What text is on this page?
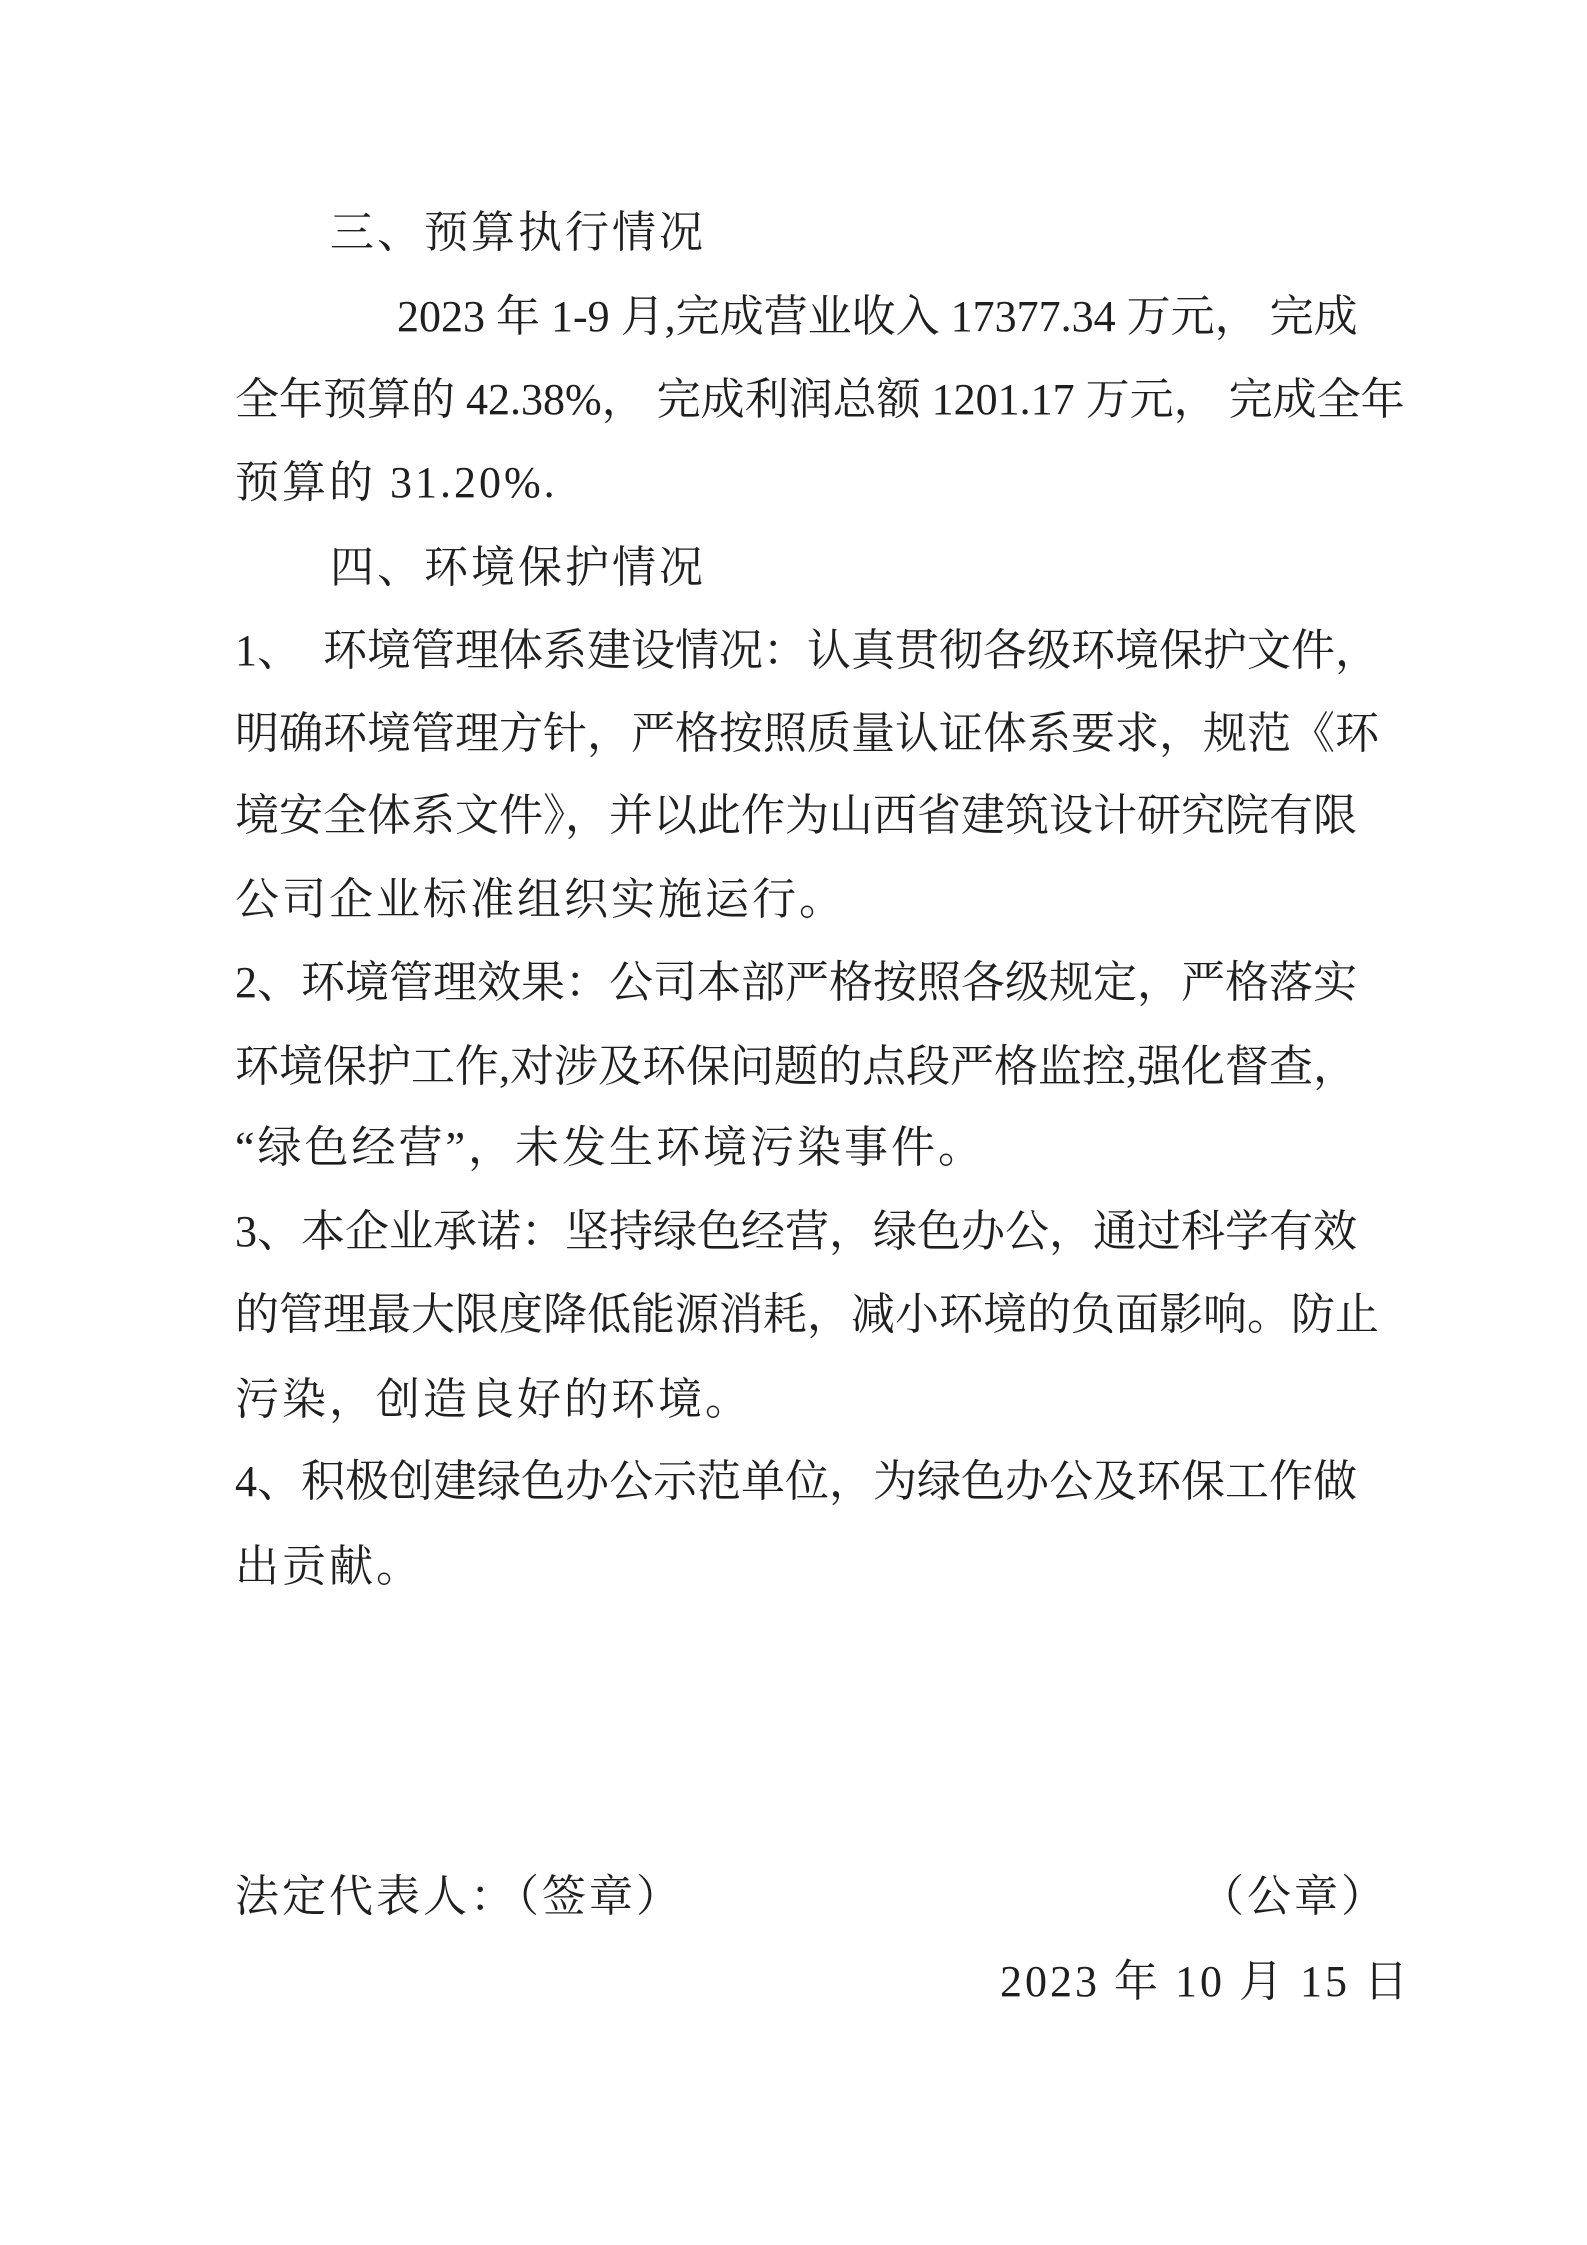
三、预算执行情况
2023 年 1-9 月,完成营业收入 17377.34 万元， 完成
全年预算的 42.38%， 完成利润总额 1201.17 万元， 完成全年
预算的 31.20%.
四、环境保护情况
1、　环境管理体系建设情况：认真贯彻各级环境保护文件，
明确环境管理方针，严格按照质量认证体系要求，规范《环
境安全体系文件》，并以此作为山西省建筑设计研究院有限
公司企业标准组织实施运行。
2、环境管理效果：公司本部严格按照各级规定，严格落实
环境保护工作,对涉及环保问题的点段严格监控,强化督查，
“绿色经营”，未发生环境污染事件。
3、本企业承诺：坚持绿色经营，绿色办公，通过科学有效
的管理最大限度降低能源消耗，减小环境的负面影响。防止
污染，创造良好的环境。
4、积极创建绿色办公示范单位，为绿色办公及环保工作做
出贡献。
法定代表人：（签章）	（公章）
2023 年 10 月 15 日
